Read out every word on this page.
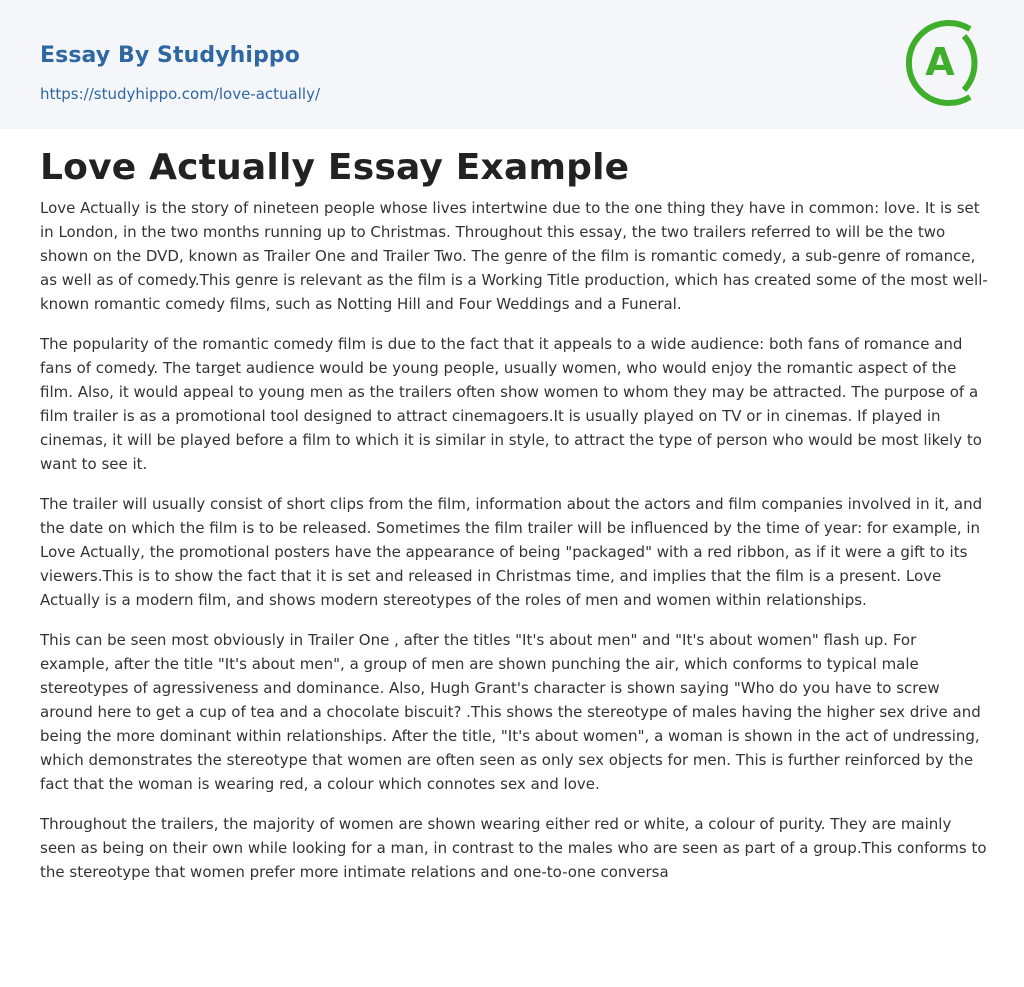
Essay By Studyhippo
https://studyhippo.com/love-actually/
A
Love Actually Essay Example

Love Actually is the story of nineteen people whose lives intertwine due to the one thing they have in common: love. It is set in London, in the two months running up to Christmas. Throughout this essay, the two trailers referred to will be the two shown on the DVD, known as Trailer One and Trailer Two. The genre of the film is romantic comedy, a sub-genre of romance, as well as of comedy.This genre is relevant as the film is a Working Title production, which has created some of the most well-known romantic comedy films, such as Notting Hill and Four Weddings and a Funeral.

The popularity of the romantic comedy film is due to the fact that it appeals to a wide audience: both fans of romance and fans of comedy. The target audience would be young people, usually women, who would enjoy the romantic aspect of the film. Also, it would appeal to young men as the trailers often show women to whom they may be attracted. The purpose of a film trailer is as a promotional tool designed to attract cinemagoers.It is usually played on TV or in cinemas. If played in cinemas, it will be played before a film to which it is similar in style, to attract the type of person who would be most likely to want to see it.

The trailer will usually consist of short clips from the film, information about the actors and film companies involved in it, and the date on which the film is to be released. Sometimes the film trailer will be influenced by the time of year: for example, in Love Actually, the promotional posters have the appearance of being "packaged" with a red ribbon, as if it were a gift to its viewers.This is to show the fact that it is set and released in Christmas time, and implies that the film is a present. Love Actually is a modern film, and shows modern stereotypes of the roles of men and women within relationships.

This can be seen most obviously in Trailer One , after the titles "It's about men" and "It's about women" flash up. For example, after the title "It's about men", a group of men are shown punching the air, which conforms to typical male stereotypes of agressiveness and dominance. Also, Hugh Grant's character is shown saying "Who do you have to screw around here to get a cup of tea and a chocolate biscuit? .This shows the stereotype of males having the higher sex drive and being the more dominant within relationships. After the title, "It's about women", a woman is shown in the act of undressing, which demonstrates the stereotype that women are often seen as only sex objects for men. This is further reinforced by the fact that the woman is wearing red, a colour which connotes sex and love.

Throughout the trailers, the majority of women are shown wearing either red or white, a colour of purity. They are mainly seen as being on their own while looking for a man, in contrast to the males who are seen as part of a group.This conforms to the stereotype that women prefer more intimate relations and one-to-one conversa
